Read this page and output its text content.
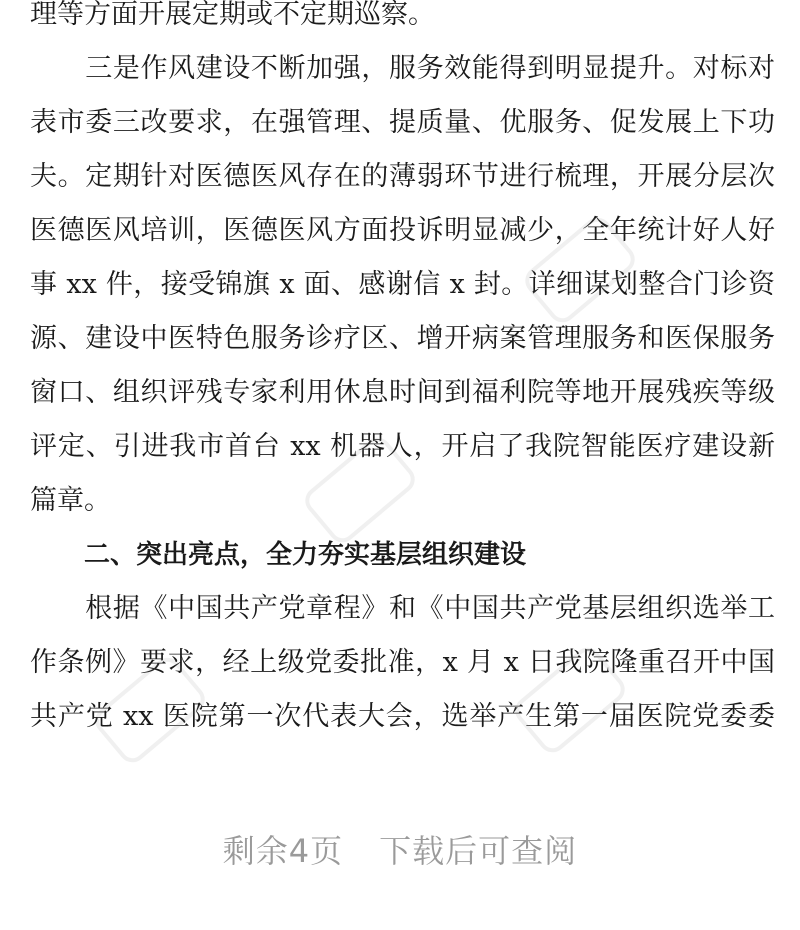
理等方面开展定期或不定期巡察。
　　三是作风建设不断加强，服务效能得到明显提升。对标对
表市委三改要求，在强管理、提质量、优服务、促发展上下功
夫。定期针对医德医风存在的薄弱环节进行梳理，开展分层次
医德医风培训，医德医风方面投诉明显减少，全年统计好人好
事 xx 件，接受锦旗 x 面、感谢信 x 封。详细谋划整合门诊资
源、建设中医特色服务诊疗区、增开病案管理服务和医保服务
窗口、组织评残专家利用休息时间到福利院等地开展残疾等级
评定、引进我市首台 xx 机器人，开启了我院智能医疗建设新
篇章。
二、突出亮点，全力夯实基层组织建设
　　根据《中国共产党章程》和《中国共产党基层组织选举工
作条例》要求，经上级党委批准，x 月 x 日我院隆重召开中国
共产党 xx 医院第一次代表大会，选举产生第一届医院党委委
剩余4页 下载后可查阅
